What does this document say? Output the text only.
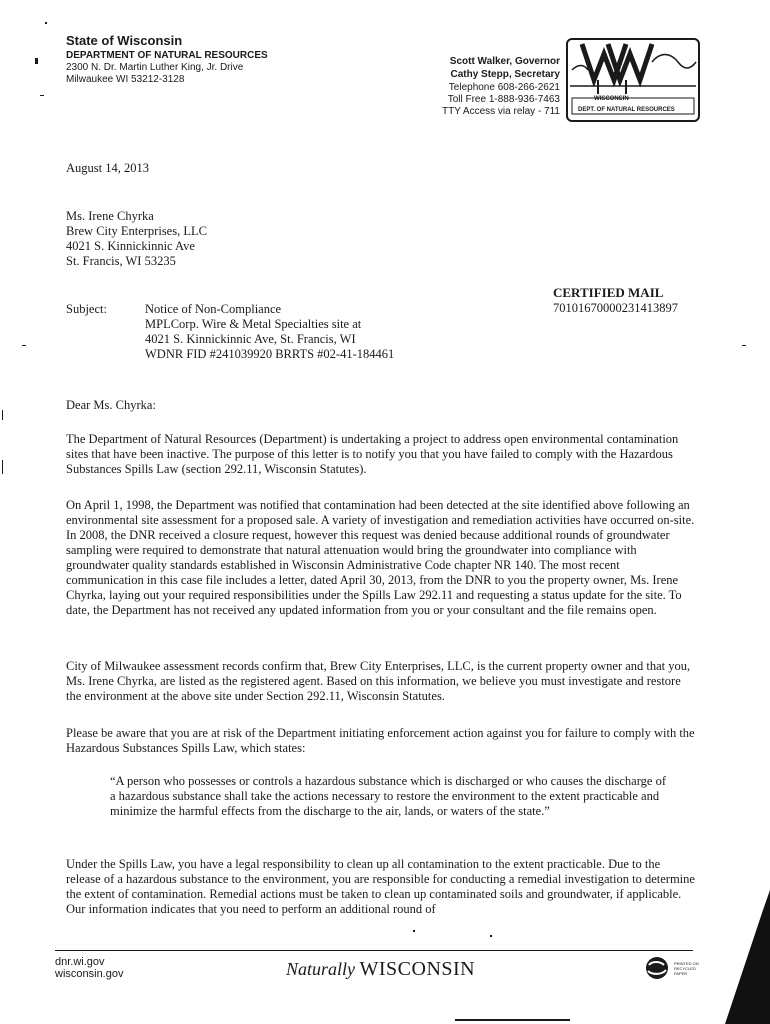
State of Wisconsin
DEPARTMENT OF NATURAL RESOURCES
2300 N. Dr. Martin Luther King, Jr. Drive
Milwaukee WI 53212-3128
Scott Walker, Governor
Cathy Stepp, Secretary
Telephone 608-266-2621
Toll Free 1-888-936-7463
TTY Access via relay - 711
WISCONSIN
DEPT. OF NATURAL RESOURCES
August 14, 2013
Ms. Irene Chyrka
Brew City Enterprises, LLC
4021 S. Kinnickinnic Ave
St. Francis, WI 53235
CERTIFIED MAIL
70101670000231413897
Subject:	Notice of Non-Compliance
MPLCorp. Wire & Metal Specialties site at
4021 S. Kinnickinnic Ave, St. Francis, WI
WDNR FID #241039920 BRRTS #02-41-184461
Dear Ms. Chyrka:
The Department of Natural Resources (Department) is undertaking a project to address open environmental contamination sites that have been inactive. The purpose of this letter is to notify you that you have failed to comply with the Hazardous Substances Spills Law (section 292.11, Wisconsin Statutes).
On April 1, 1998, the Department was notified that contamination had been detected at the site identified above following an environmental site assessment for a proposed sale. A variety of investigation and remediation activities have occurred on-site. In 2008, the DNR received a closure request, however this request was denied because additional rounds of groundwater sampling were required to demonstrate that natural attenuation would bring the groundwater into compliance with groundwater quality standards established in Wisconsin Administrative Code chapter NR 140. The most recent communication in this case file includes a letter, dated April 30, 2013, from the DNR to you the property owner, Ms. Irene Chyrka, laying out your required responsibilities under the Spills Law 292.11 and requesting a status update for the site. To date, the Department has not received any updated information from you or your consultant and the file remains open.
City of Milwaukee assessment records confirm that, Brew City Enterprises, LLC, is the current property owner and that you, Ms. Irene Chyrka, are listed as the registered agent. Based on this information, we believe you must investigate and restore the environment at the above site under Section 292.11, Wisconsin Statutes.
Please be aware that you are at risk of the Department initiating enforcement action against you for failure to comply with the Hazardous Substances Spills Law, which states:
“A person who possesses or controls a hazardous substance which is discharged or who causes the discharge of a hazardous substance shall take the actions necessary to restore the environment to the extent practicable and minimize the harmful effects from the discharge to the air, lands, or waters of the state.”
Under the Spills Law, you have a legal responsibility to clean up all contamination to the extent practicable. Due to the release of a hazardous substance to the environment, you are responsible for conducting a remedial investigation to determine the extent of contamination. Remedial actions must be taken to clean up contaminated soils and groundwater, if applicable. Our information indicates that you need to perform an additional round of
dnr.wi.gov
wisconsin.gov	Naturally WISCONSIN	PRINTED ON RECYCLED PAPER
